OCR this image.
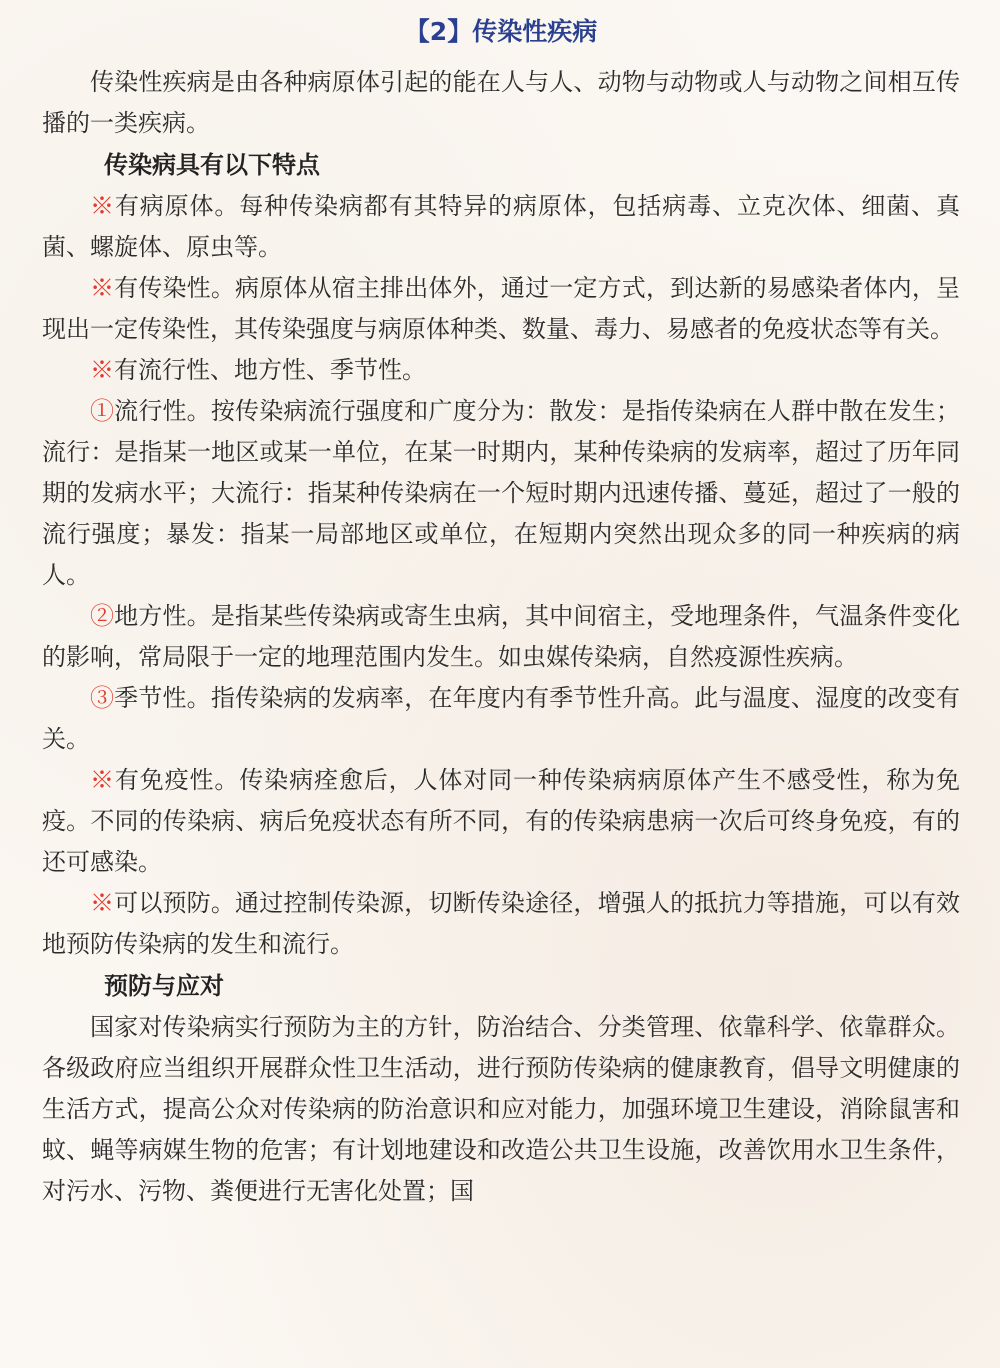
【2】传染性疾病

传染性疾病是由各种病原体引起的能在人与人、动物与动物或人与动物之间相互传播的一类疾病。

传染病具有以下特点

※有病原体。每种传染病都有其特异的病原体，包括病毒、立克次体、细菌、真菌、螺旋体、原虫等。

※有传染性。病原体从宿主排出体外，通过一定方式，到达新的易感染者体内，呈现出一定传染性，其传染强度与病原体种类、数量、毒力、易感者的免疫状态等有关。

※有流行性、地方性、季节性。

①流行性。按传染病流行强度和广度分为：散发：是指传染病在人群中散在发生；流行：是指某一地区或某一单位，在某一时期内，某种传染病的发病率，超过了历年同期的发病水平；大流行：指某种传染病在一个短时期内迅速传播、蔓延，超过了一般的流行强度；暴发：指某一局部地区或单位，在短期内突然出现众多的同一种疾病的病人。

②地方性。是指某些传染病或寄生虫病，其中间宿主，受地理条件，气温条件变化的影响，常局限于一定的地理范围内发生。如虫媒传染病，自然疫源性疾病。

③季节性。指传染病的发病率，在年度内有季节性升高。此与温度、湿度的改变有关。

※有免疫性。传染病痊愈后，人体对同一种传染病病原体产生不感受性，称为免疫。不同的传染病、病后免疫状态有所不同，有的传染病患病一次后可终身免疫，有的还可感染。

※可以预防。通过控制传染源，切断传染途径，增强人的抵抗力等措施，可以有效地预防传染病的发生和流行。

预防与应对

国家对传染病实行预防为主的方针，防治结合、分类管理、依靠科学、依靠群众。各级政府应当组织开展群众性卫生活动，进行预防传染病的健康教育，倡导文明健康的生活方式，提高公众对传染病的防治意识和应对能力，加强环境卫生建设，消除鼠害和蚊、蝇等病媒生物的危害；有计划地建设和改造公共卫生设施，改善饮用水卫生条件，对污水、污物、粪便进行无害化处置；国
